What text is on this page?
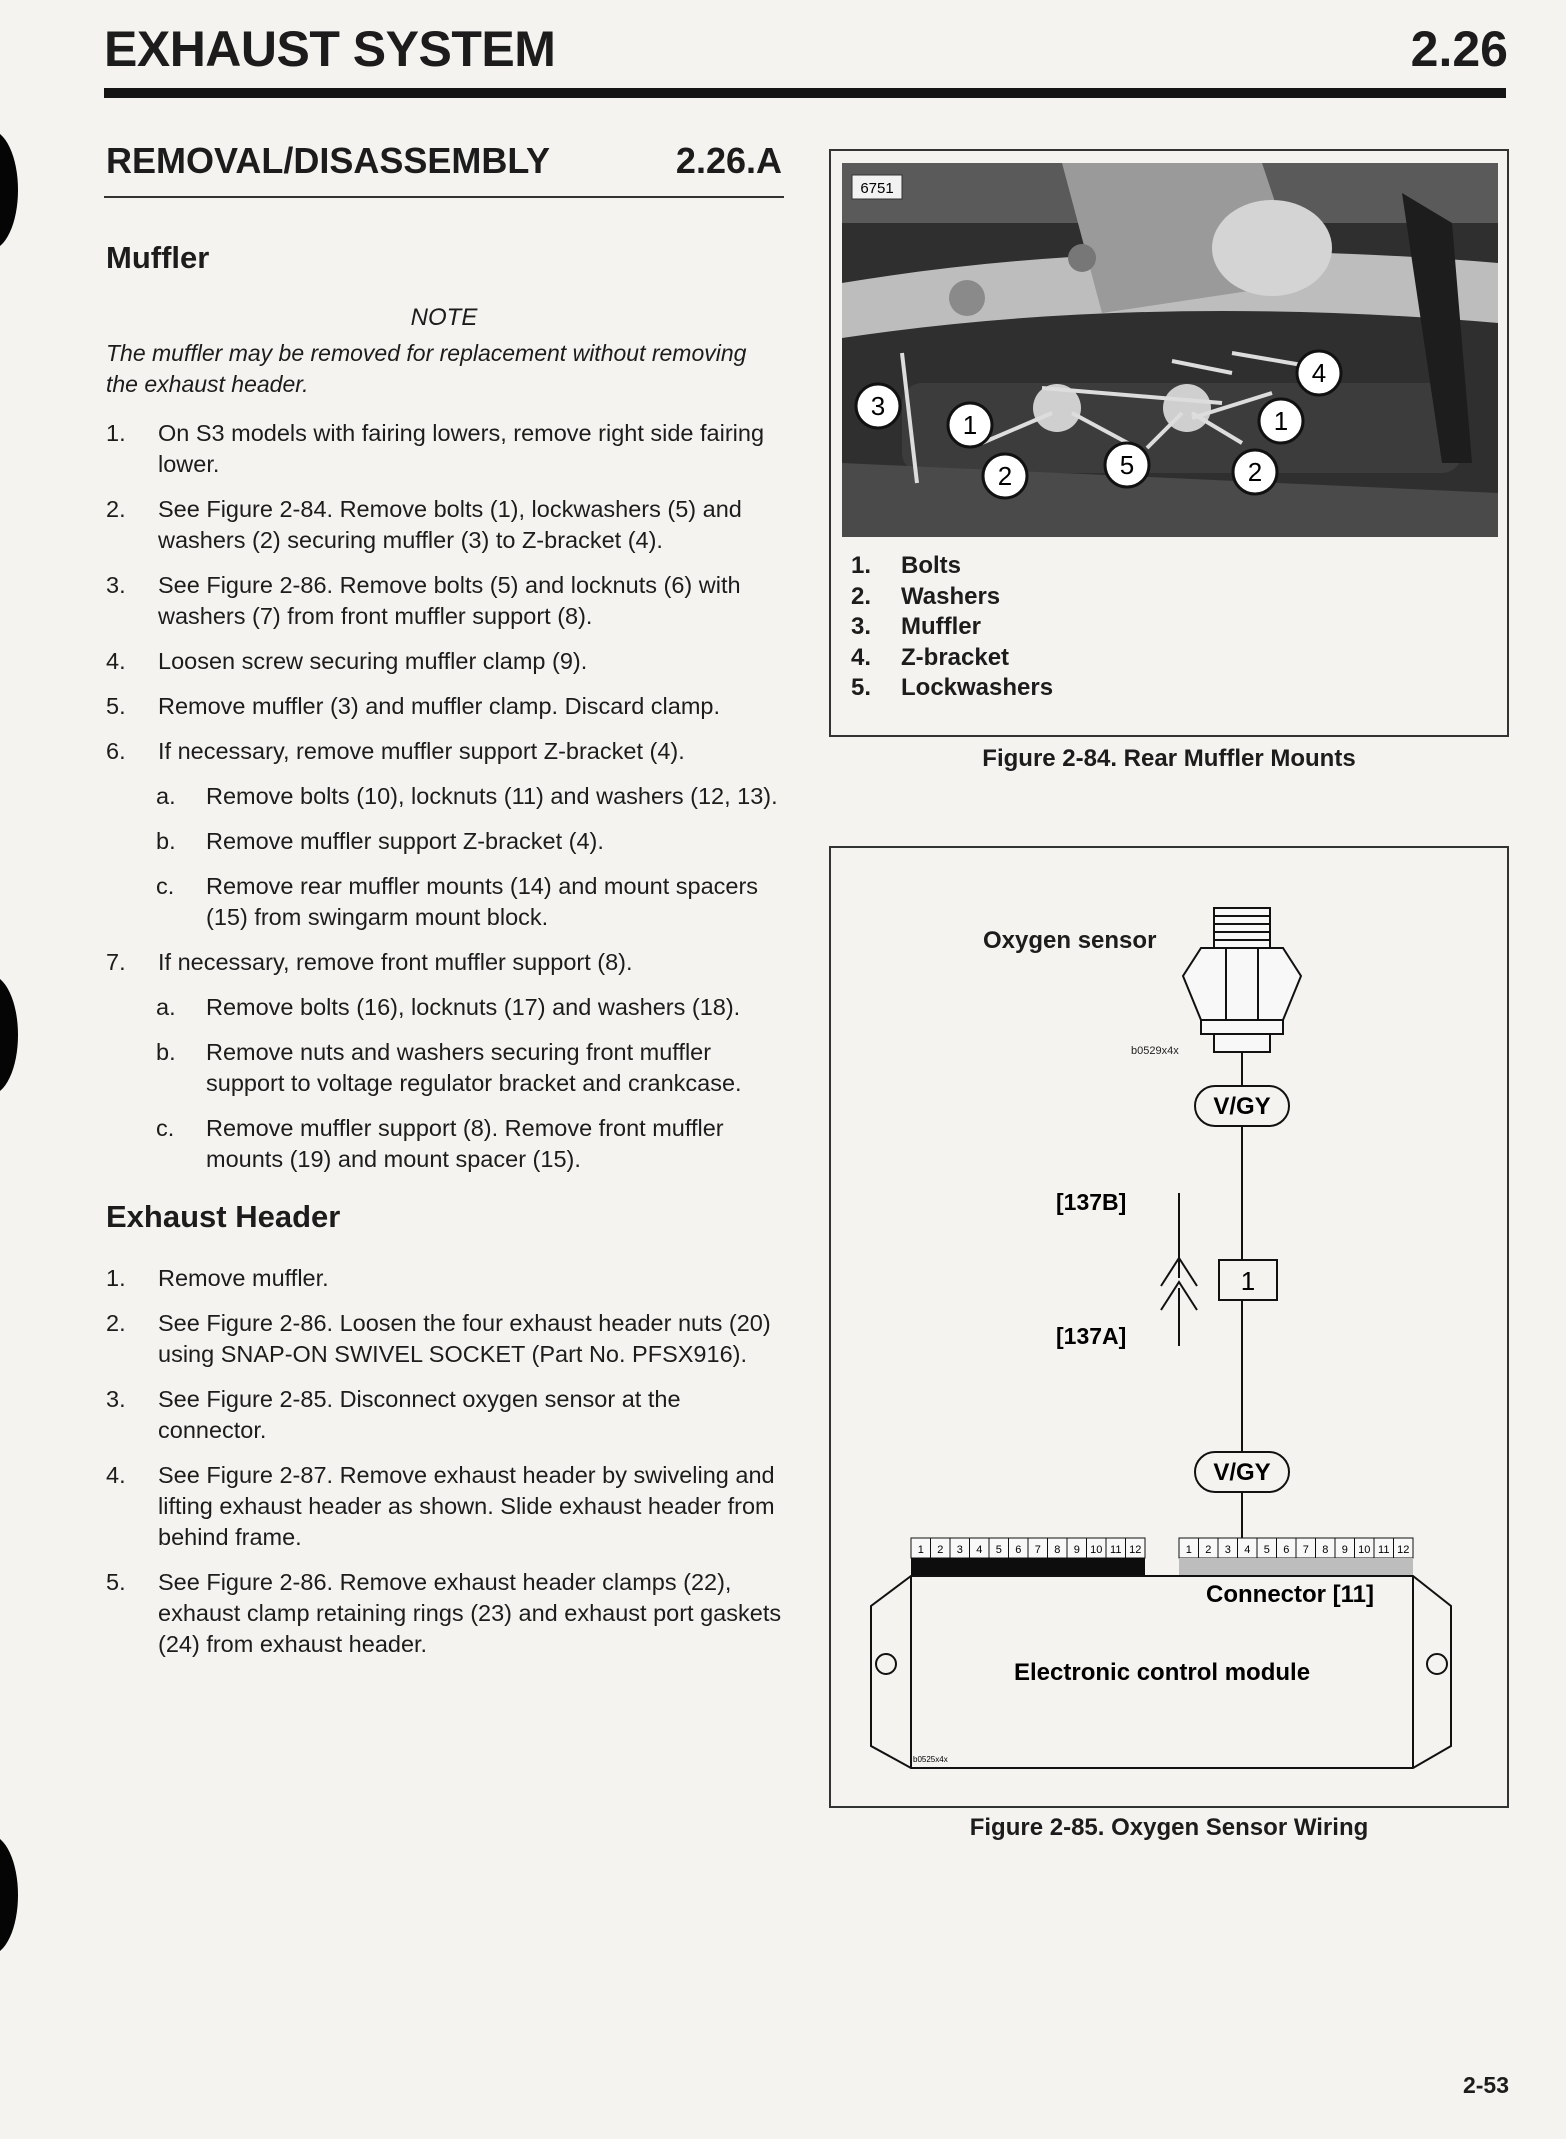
EXHAUST SYSTEM	2.26
REMOVAL/DISASSEMBLY	2.26.A
Muffler
NOTE
The muffler may be removed for replacement without removing the exhaust header.
1.	On S3 models with fairing lowers, remove right side fairing lower.
2.	See Figure 2-84. Remove bolts (1), lockwashers (5) and washers (2) securing muffler (3) to Z-bracket (4).
3.	See Figure 2-86. Remove bolts (5) and locknuts (6) with washers (7) from front muffler support (8).
4.	Loosen screw securing muffler clamp (9).
5.	Remove muffler (3) and muffler clamp. Discard clamp.
6.	If necessary, remove muffler support Z-bracket (4).
a.	Remove bolts (10), locknuts (11) and washers (12, 13).
b.	Remove muffler support Z-bracket (4).
c.	Remove rear muffler mounts (14) and mount spacers (15) from swingarm mount block.
7.	If necessary, remove front muffler support (8).
a.	Remove bolts (16), locknuts (17) and washers (18).
b.	Remove nuts and washers securing front muffler support to voltage regulator bracket and crankcase.
c.	Remove muffler support (8). Remove front muffler mounts (19) and mount spacer (15).
Exhaust Header
1.	Remove muffler.
2.	See Figure 2-86. Loosen the four exhaust header nuts (20) using SNAP-ON SWIVEL SOCKET (Part No. PFSX916).
3.	See Figure 2-85. Disconnect oxygen sensor at the connector.
4.	See Figure 2-87. Remove exhaust header by swiveling and lifting exhaust header as shown. Slide exhaust header from behind frame.
5.	See Figure 2-86. Remove exhaust header clamps (22), exhaust clamp retaining rings (23) and exhaust port gaskets (24) from exhaust header.
3
1
2	5	2
1
4
6751
1.	Bolts
2.	Washers
3.	Muffler
4.	Z-bracket
5.	Lockwashers
Figure 2-84. Rear Muffler Mounts
Oxygen sensor
b0529x4x
V/GY
[137B]
[137A]
1
V/GY
1 2 3 4 5 6 7 8 9 10 11 12	1 2 3 4 5 6 7 8 9 10 11 12
Connector [11]
Electronic control module
b0525x4x
Figure 2-85. Oxygen Sensor Wiring
2-53
